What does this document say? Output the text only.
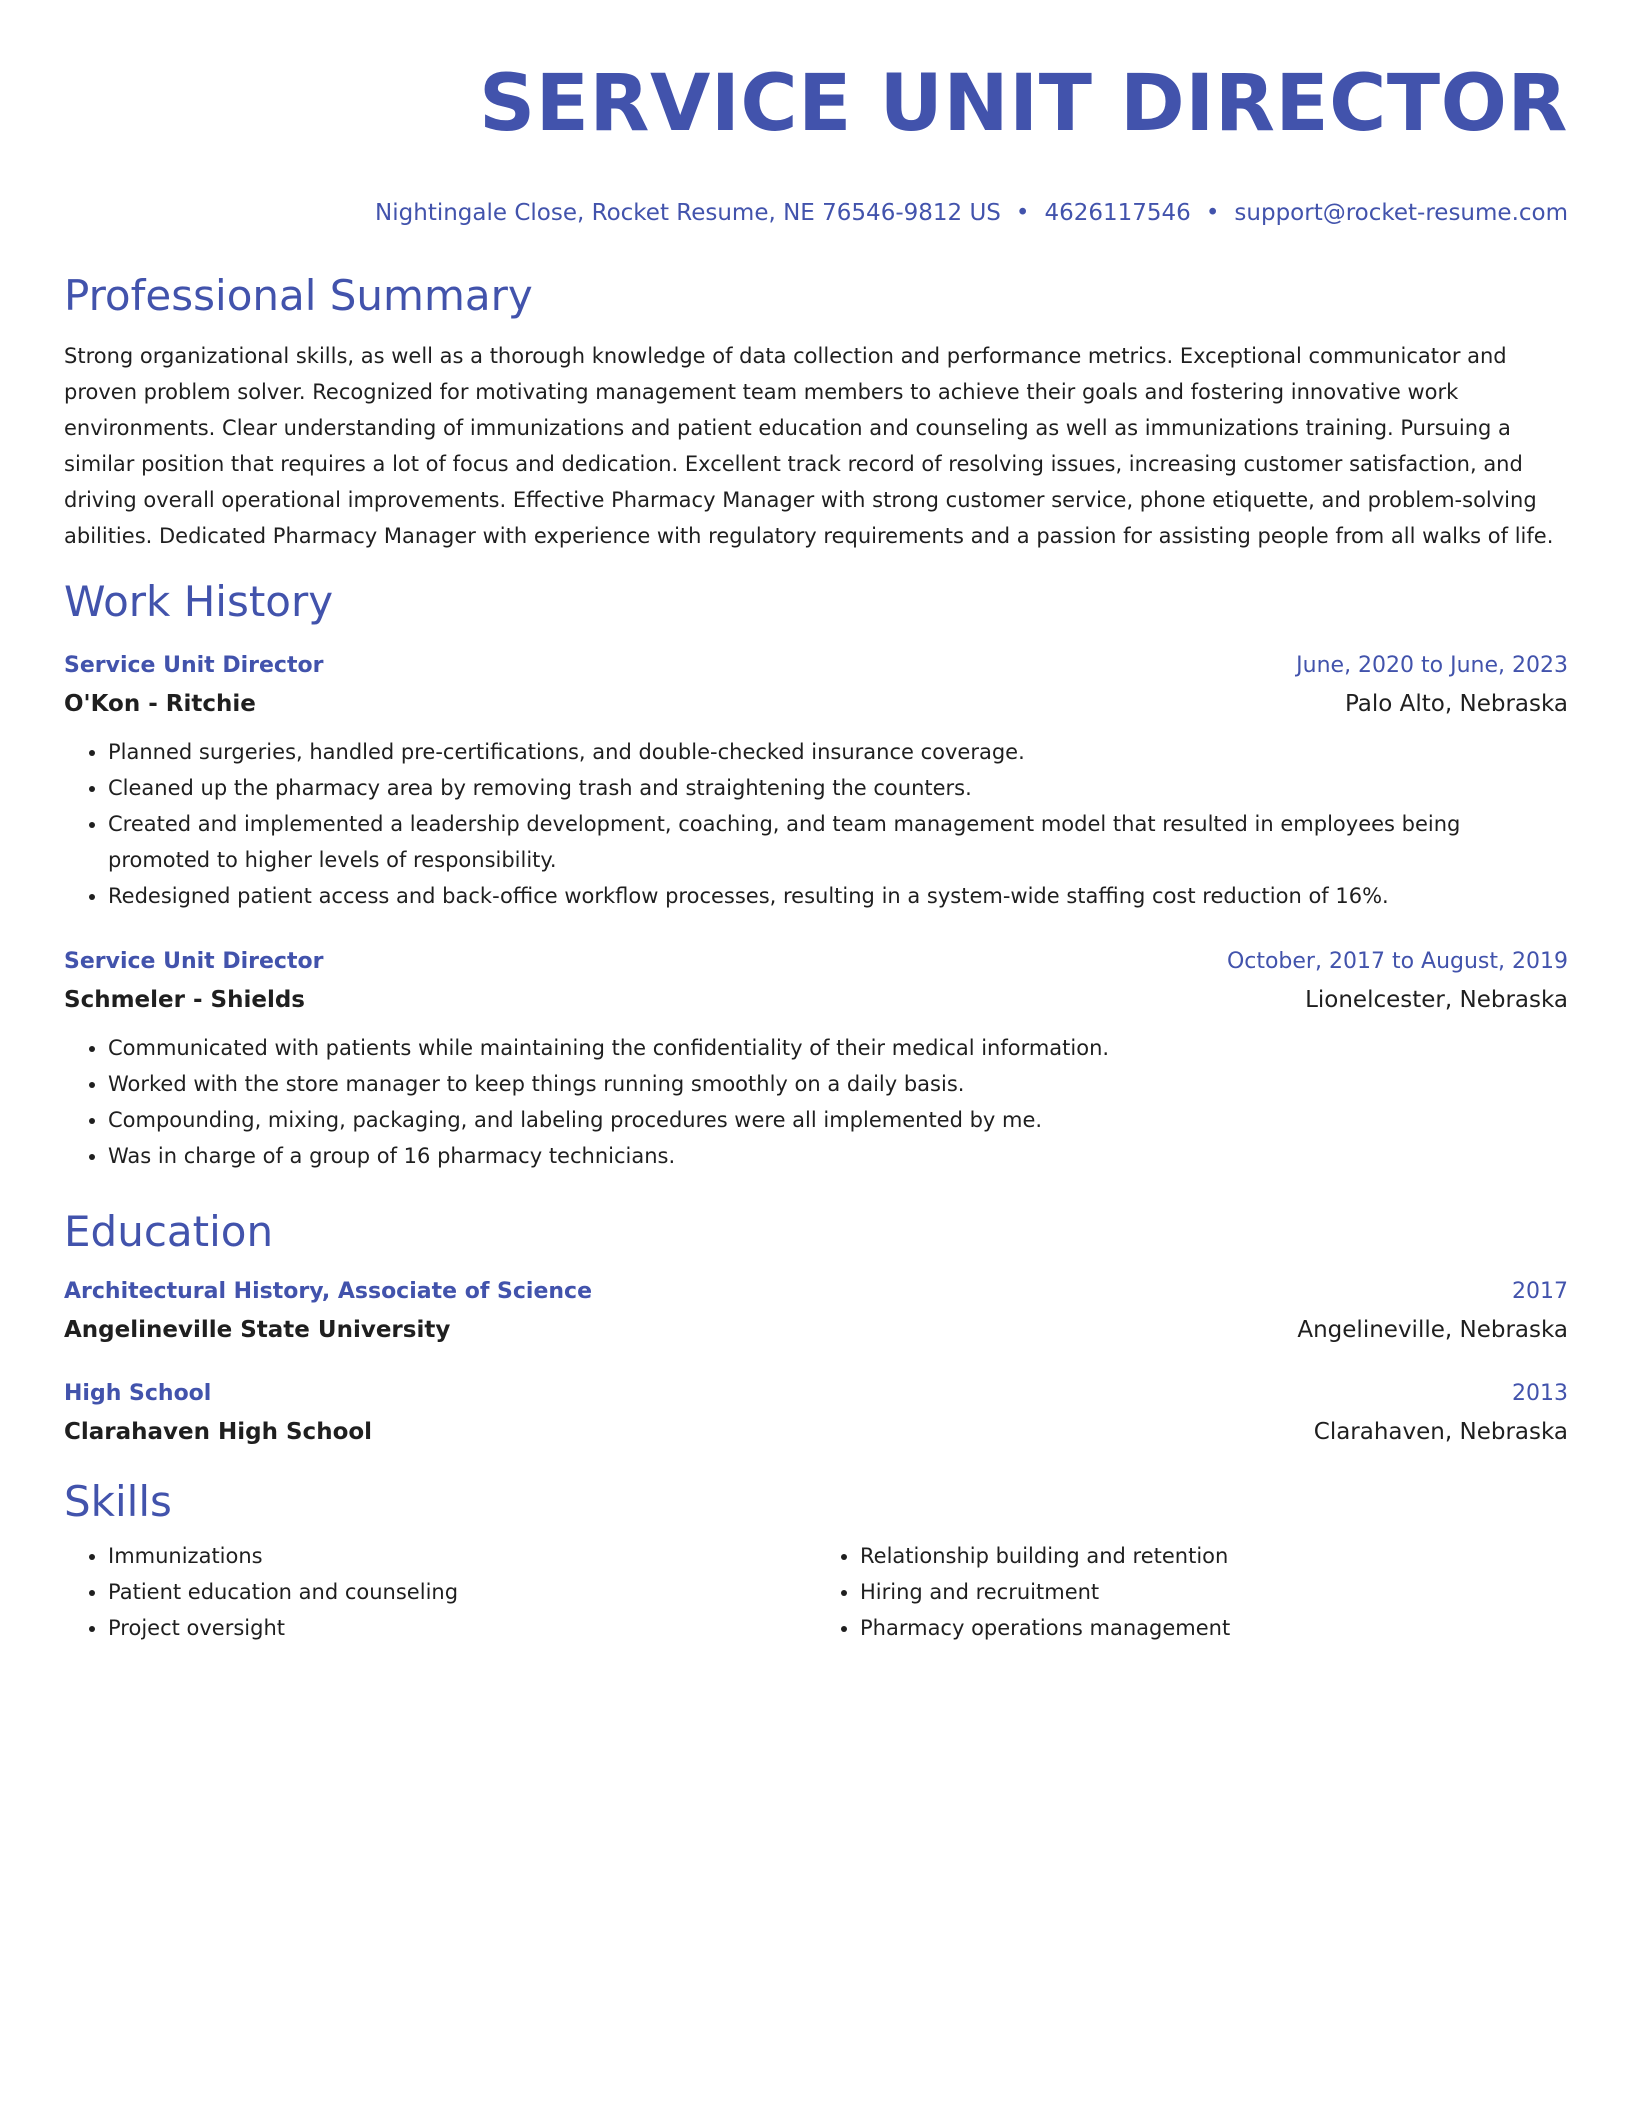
SERVICE UNIT DIRECTOR
Nightingale Close, Rocket Resume, NE 76546-9812 US • 4626117546 • support@rocket-resume.com
Professional Summary
Strong organizational skills, as well as a thorough knowledge of data collection and performance metrics. Exceptional communicator and proven problem solver. Recognized for motivating management team members to achieve their goals and fostering innovative work environments. Clear understanding of immunizations and patient education and counseling as well as immunizations training. Pursuing a similar position that requires a lot of focus and dedication. Excellent track record of resolving issues, increasing customer satisfaction, and driving overall operational improvements. Effective Pharmacy Manager with strong customer service, phone etiquette, and problem-solving abilities. Dedicated Pharmacy Manager with experience with regulatory requirements and a passion for assisting people from all walks of life.
Work History
Service Unit Director	June, 2020 to June, 2023
O'Kon - Ritchie	Palo Alto, Nebraska
• Planned surgeries, handled pre-certifications, and double-checked insurance coverage.
• Cleaned up the pharmacy area by removing trash and straightening the counters.
• Created and implemented a leadership development, coaching, and team management model that resulted in employees being promoted to higher levels of responsibility.
• Redesigned patient access and back-office workflow processes, resulting in a system-wide staffing cost reduction of 16%.
Service Unit Director	October, 2017 to August, 2019
Schmeler - Shields	Lionelcester, Nebraska
• Communicated with patients while maintaining the confidentiality of their medical information.
• Worked with the store manager to keep things running smoothly on a daily basis.
• Compounding, mixing, packaging, and labeling procedures were all implemented by me.
• Was in charge of a group of 16 pharmacy technicians.
Education
Architectural History, Associate of Science	2017
Angelineville State University	Angelineville, Nebraska
High School	2013
Clarahaven High School	Clarahaven, Nebraska
Skills
• Immunizations
• Patient education and counseling
• Project oversight
• Relationship building and retention
• Hiring and recruitment
• Pharmacy operations management
